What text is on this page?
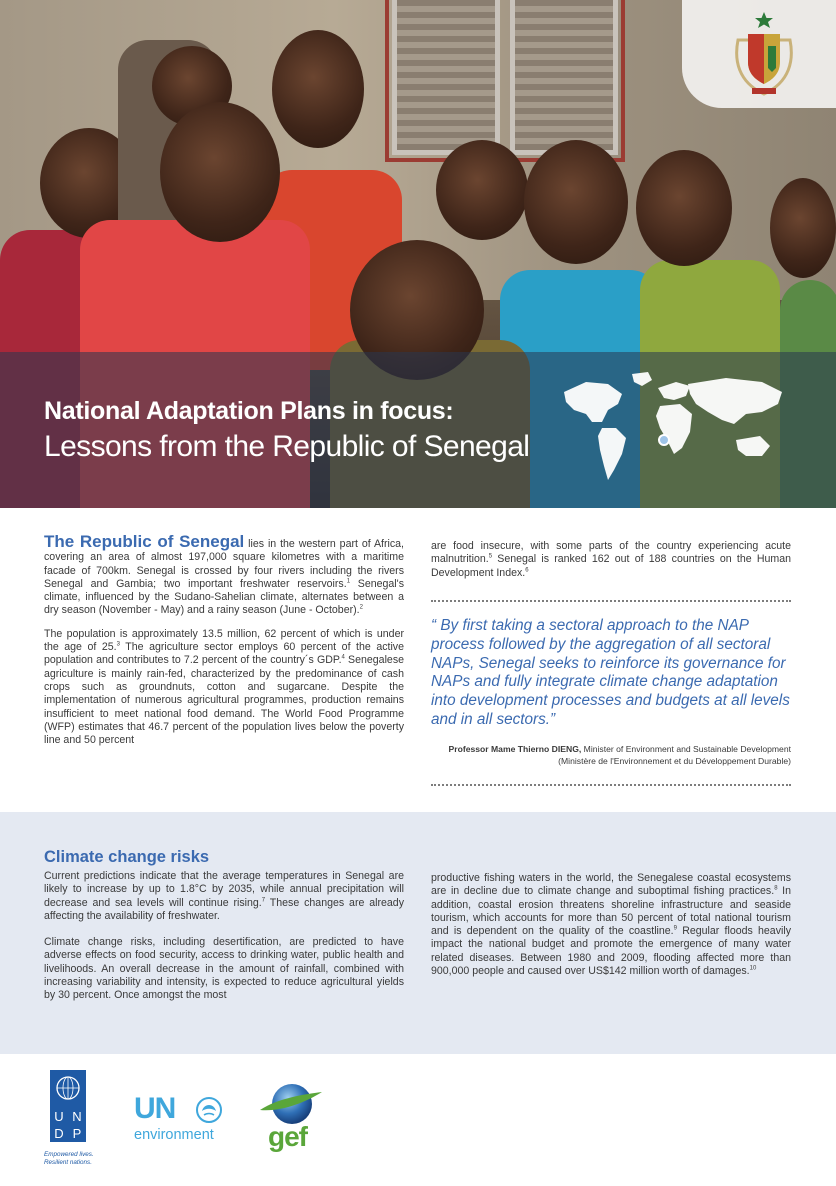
National Adaptation Plans in focus:
Lessons from the Republic of Senegal

The Republic of Senegal lies in the western part of Africa, covering an area of almost 197,000 square kilometres with a maritime facade of 700km. Senegal is crossed by four rivers including the rivers Senegal and Gambia; two important freshwater reservoirs.$^1$ Senegal's climate, influenced by the Sudano-Sahelian climate, alternates between a dry season (November - May) and a rainy season (June - October).$^2$

The population is approximately 13.5 million, 62 percent of which is under the age of 25.$^3$ The agriculture sector employs 60 percent of the active population and contributes to 7.2 percent of the country´s GDP.$^4$ Senegalese agriculture is mainly rain-fed, characterized by the predominance of cash crops such as groundnuts, cotton and sugarcane. Despite the implementation of numerous agricultural programmes, production remains insufficient to meet national food demand. The World Food Programme (WFP) estimates that 46.7 percent of the population lives below the poverty line and 50 percent

are food insecure, with some parts of the country experiencing acute malnutrition.$^5$ Senegal is ranked 162 out of 188 countries on the Human Development Index.$^6$

“ By first taking a sectoral approach to the NAP process followed by the aggregation of all sectoral NAPs, Senegal seeks to reinforce its governance for NAPs and fully integrate climate change adaptation into development processes and budgets at all levels and in all sectors.”
Professor Mame Thierno DIENG, Minister of Environment and Sustainable Development (Ministère de l'Environnement et du Développement Durable)
Climate change risks

Current predictions indicate that the average temperatures in Senegal are likely to increase by up to 1.8°C by 2035, while annual precipitation will decrease and sea levels will continue rising.$^7$ These changes are already affecting the availability of freshwater.

Climate change risks, including desertification, are predicted to have adverse effects on food security, access to drinking water, public health and livelihoods. An overall decrease in the amount of rainfall, combined with increasing variability and intensity, is expected to reduce agricultural yields by 30 percent. Once amongst the most

productive fishing waters in the world, the Senegalese coastal ecosystems are in decline due to climate change and suboptimal fishing practices.$^8$ In addition, coastal erosion threatens shoreline infrastructure and seaside tourism, which accounts for more than 50 percent of total national tourism and is dependent on the quality of the coastline.$^9$ Regular floods heavily impact the national budget and promote the emergence of many water related diseases. Between 1980 and 2009, flooding affected more than 900,000 people and caused over US$142 million worth of damages.$^{10}$

U N
D P
Empowered lives.
Resilient nations.
UN
environment gef
